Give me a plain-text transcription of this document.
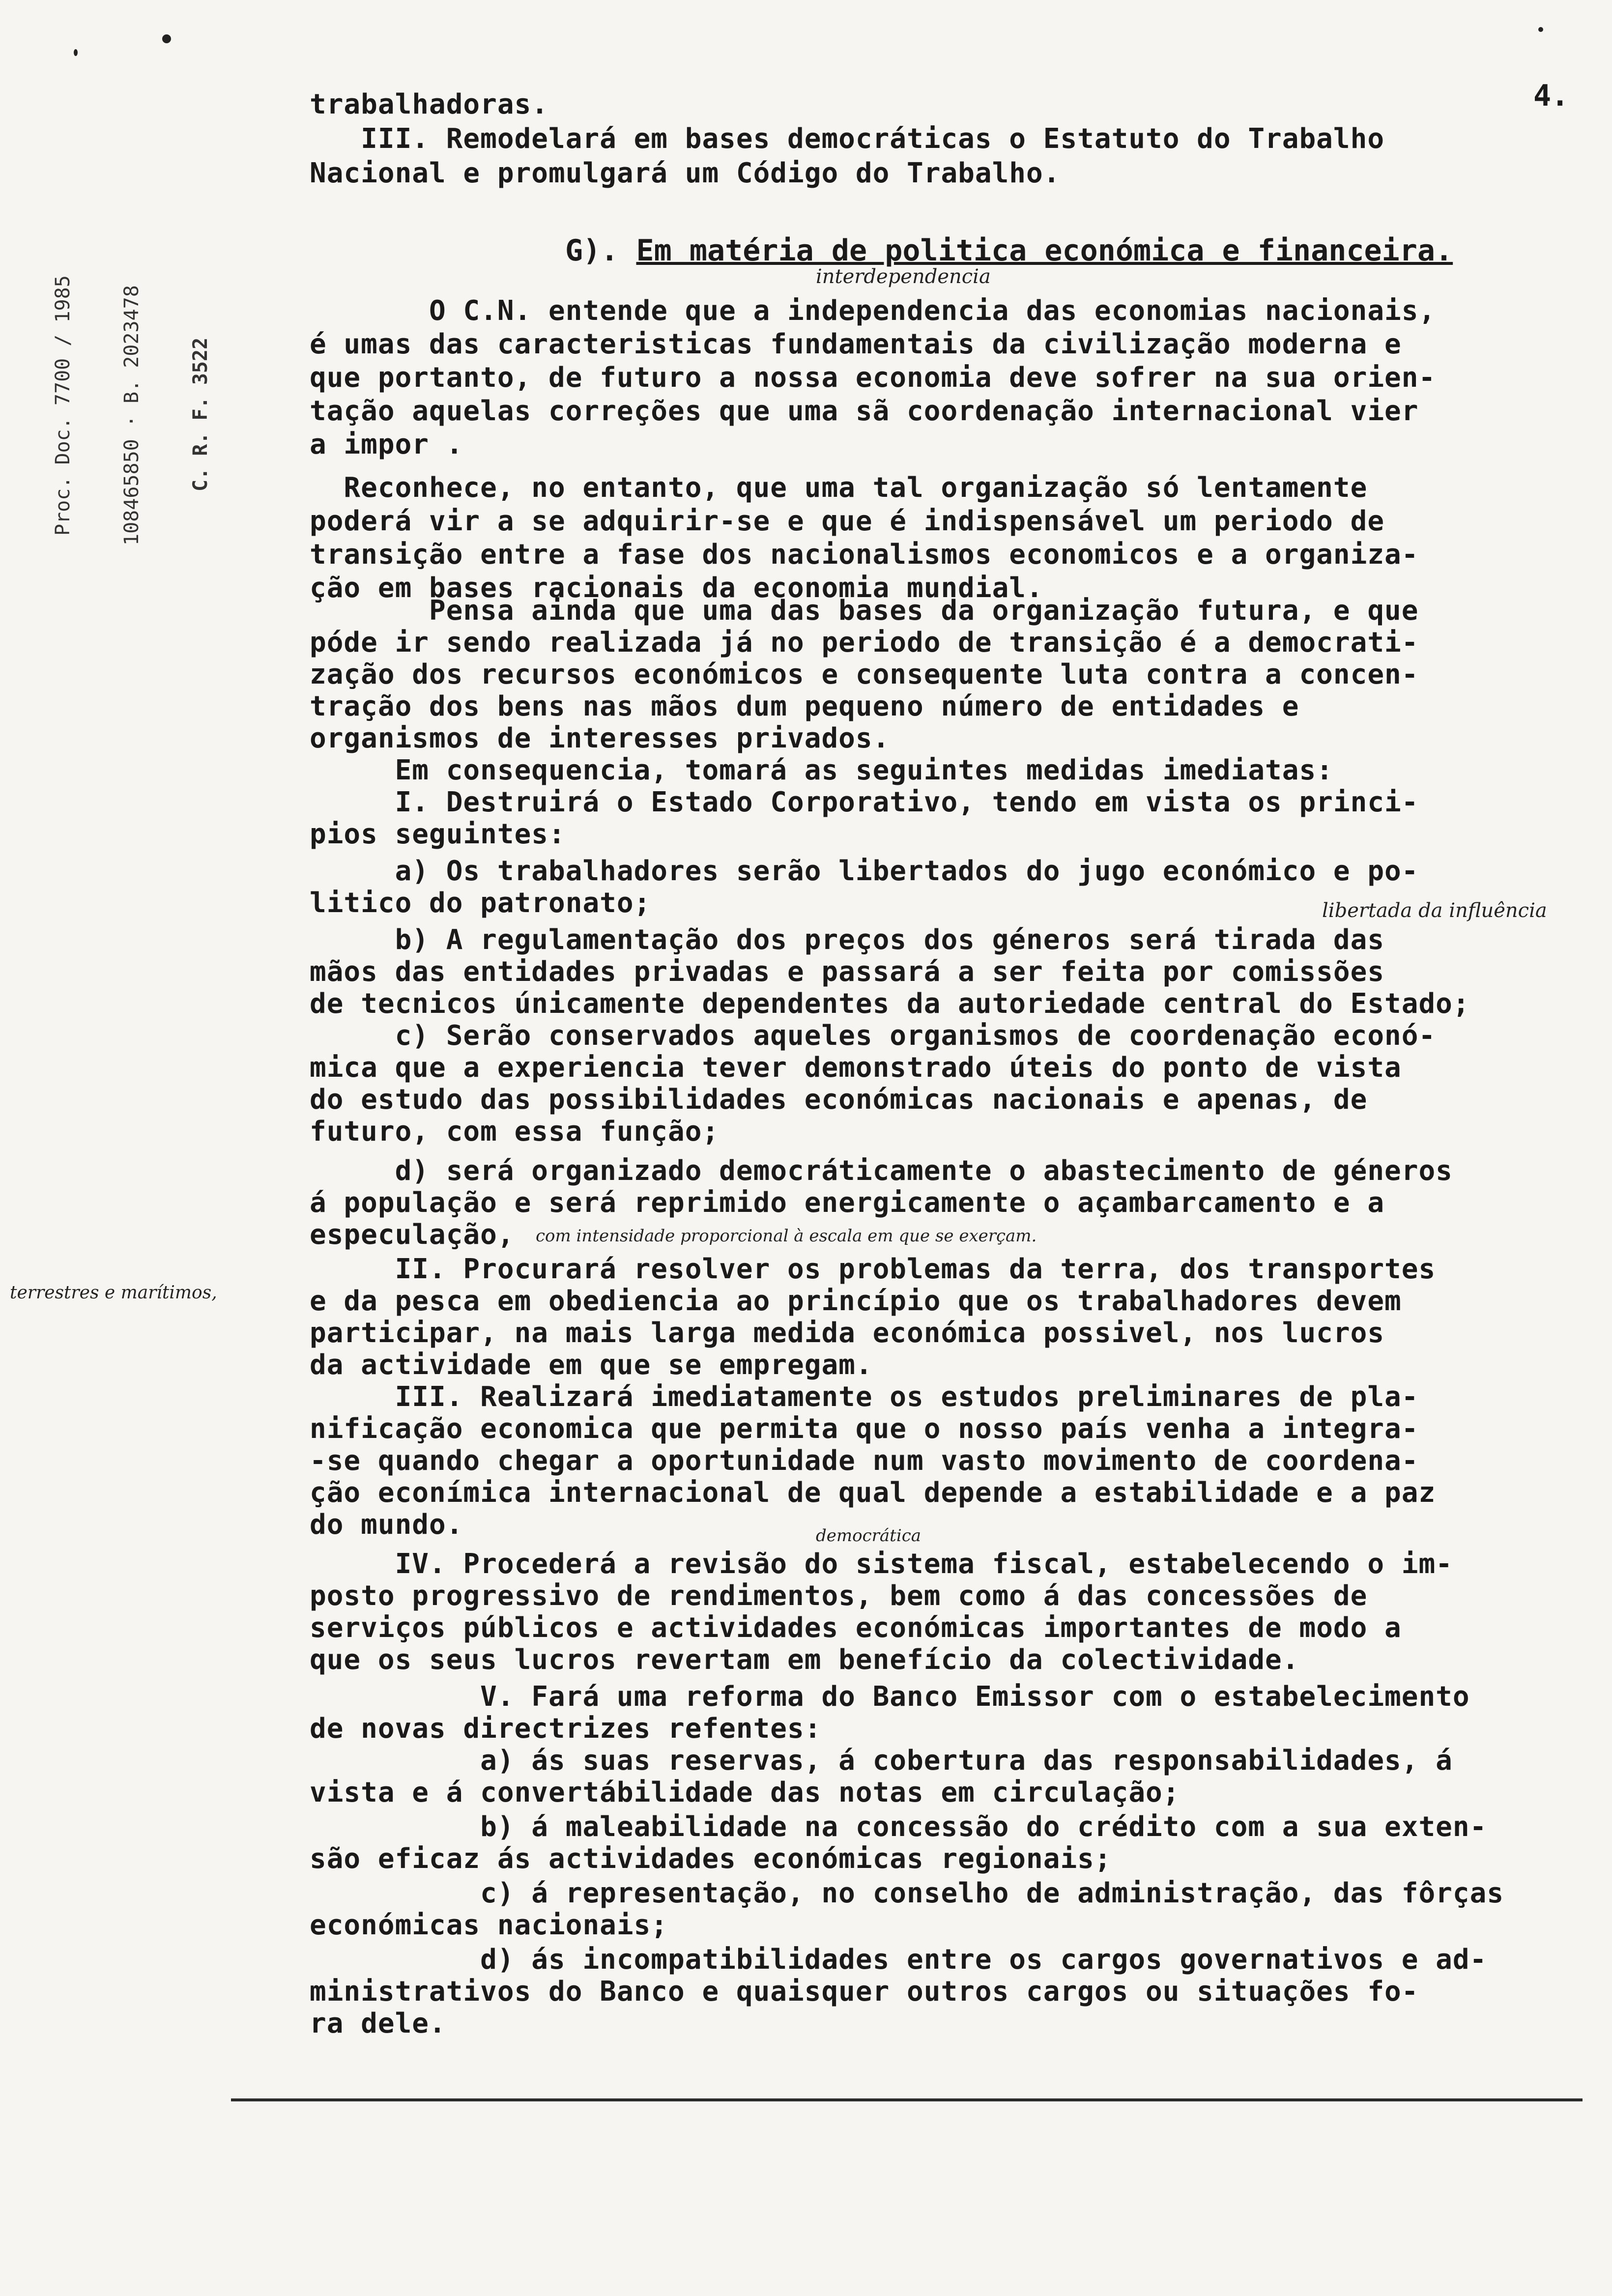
4.
G). Em matéria de politica económica e financeira.
trabalhadoras.
III. Remodelará em bases democráticas o Estatuto do Trabalho
Nacional e promulgará um Código do Trabalho.
O C.N. entende que a independencia das economias nacionais,
é umas das caracteristicas fundamentais da civilização moderna e
que portanto, de futuro a nossa economia deve sofrer na sua orien-
tação aquelas correções que uma sã coordenação internacional vier
a impor .
Reconhece, no entanto, que uma tal organização só lentamente
poderá vir a se adquirir-se e que é indispensável um periodo de
transição entre a fase dos nacionalismos economicos e a organiza-
ção em bases racionais da economia mundial.
Pensa ainda que uma das bases da organização futura, e que
póde ir sendo realizada já no periodo de transição é a democrati-
zação dos recursos económicos e consequente luta contra a concen-
tração dos bens nas mãos dum pequeno número de entidades e
organismos de interesses privados.
Em consequencia, tomará as seguintes medidas imediatas:
I. Destruirá o Estado Corporativo, tendo em vista os princi-
pios seguintes:
a) Os trabalhadores serão libertados do jugo económico e po-
litico do patronato;
b) A regulamentação dos preços dos géneros será tirada das
mãos das entidades privadas e passará a ser feita por comissões
de tecnicos únicamente dependentes da autoriedade central do Estado;
c) Serão conservados aqueles organismos de coordenação econó-
mica que a experiencia tever demonstrado úteis do ponto de vista
do estudo das possibilidades económicas nacionais e apenas, de
futuro, com essa função;
d) será organizado democráticamente o abastecimento de géneros
á população e será reprimido energicamente o açambarcamento e a
especulação,
II. Procurará resolver os problemas da terra, dos transportes
e da pesca em obediencia ao princípio que os trabalhadores devem
participar, na mais larga medida económica possivel, nos lucros
da actividade em que se empregam.
III. Realizará imediatamente os estudos preliminares de pla-
nificação economica que permita que o nosso país venha a integra-
-se quando chegar a oportunidade num vasto movimento de coordena-
ção econímica internacional de qual depende a estabilidade e a paz
do mundo.
IV. Procederá a revisão do sistema fiscal, estabelecendo o im-
posto progressivo de rendimentos, bem como á das concessões de
serviços públicos e actividades económicas importantes de modo a
que os seus lucros revertam em benefício da colectividade.
V. Fará uma reforma do Banco Emissor com o estabelecimento
de novas directrizes refentes:
a) ás suas reservas, á cobertura das responsabilidades, á
vista e á convertábilidade das notas em circulação;
b) á maleabilidade na concessão do crédito com a sua exten-
são eficaz ás actividades económicas regionais;
c) á representação, no conselho de administração, das fôrças
económicas nacionais;
d) ás incompatibilidades entre os cargos governativos e ad-
ministrativos do Banco e quaisquer outros cargos ou situações fo-
ra dele.
interdependencia
libertada da influência
com intensidade proporcional à escala em que se exerçam.
terrestres e marítimos,
democrática
Proc. Doc. 7700 / 1985 108465850 · B. 2023478 C. R. F. 3522
